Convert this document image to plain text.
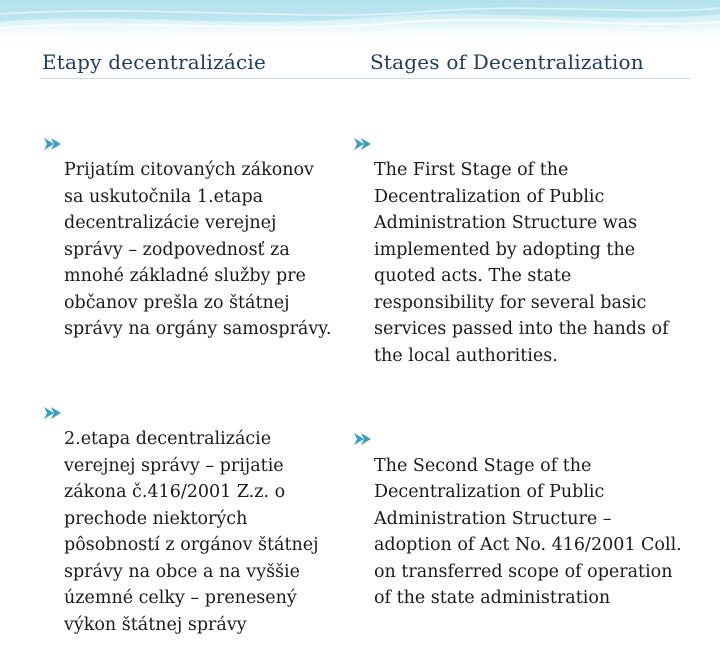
Etapy decentralizácie	Stages of Decentralization

Prijatím citovaných zákonov
sa uskutočnila 1.etapa
decentralizácie verejnej
správy – zodpovednosť za
mnohé základné služby pre
občanov prešla zo štátnej
správy na orgány samosprávy.

2.etapa decentralizácie
verejnej správy – prijatie
zákona č.416/2001 Z.z. o
prechode niektorých
pôsobností z orgánov štátnej
správy na obce a na vyššie
územné celky – prenesený
výkon štátnej správy

The First Stage of the
Decentralization of Public
Administration Structure was
implemented by adopting the
quoted acts. The state
responsibility for several basic
services passed into the hands of
the local authorities.

The Second Stage of the
Decentralization of Public
Administration Structure –
adoption of Act No. 416/2001 Coll.
on transferred scope of operation
of the state administration
